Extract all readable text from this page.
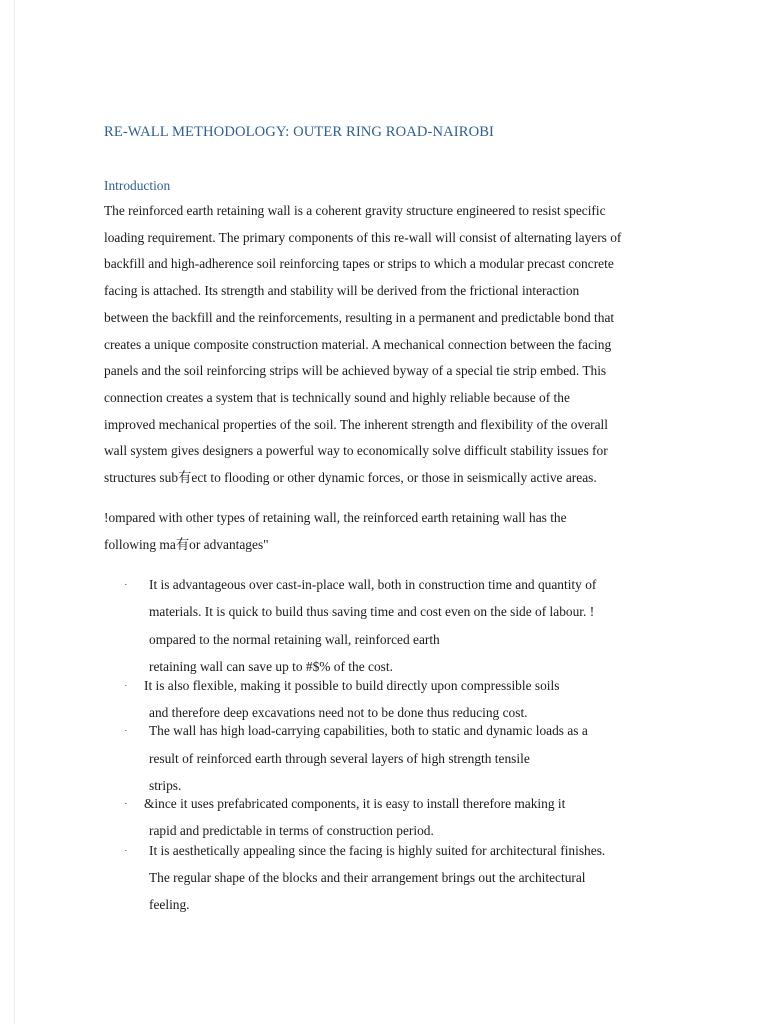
RE-WALL METHODOLOGY: OUTER RING ROAD-NAIROBI
Introduction
The reinforced earth retaining wall is a coherent gravity structure engineered to resist specific
loading requirement. The primary components of this re-wall will consist of alternating layers of
backfill and high-adherence soil reinforcing tapes or strips to which a modular precast concrete
facing is attached. Its strength and stability will be derived from the frictional interaction
between the backfill and the reinforcements, resulting in a permanent and predictable bond that
creates a unique composite construction material. A mechanical connection between the facing
panels and the soil reinforcing strips will be achieved byway of a special tie strip embed. This
connection creates a system that is technically sound and highly reliable because of the
improved mechanical properties of the soil. The inherent strength and flexibility of the overall
wall system gives designers a powerful way to economically solve difficult stability issues for
structures sub有ect to flooding or other dynamic forces, or those in seismically active areas.
!ompared with other types of retaining wall, the reinforced earth retaining wall has the
following ma有or advantages"
· It is advantageous over cast-in-place wall, both in construction time and quantity of
materials. It is quick to build thus saving time and cost even on the side of labour. !
ompared to the normal retaining wall, reinforced earth
retaining wall can save up to #$% of the cost.
· It is also flexible, making it possible to build directly upon compressible soils
and therefore deep excavations need not to be done thus reducing cost.
· The wall has high load-carrying capabilities, both to static and dynamic loads as a
result of reinforced earth through several layers of high strength tensile
strips.
· &ince it uses prefabricated components, it is easy to install therefore making it
rapid and predictable in terms of construction period.
· It is aesthetically appealing since the facing is highly suited for architectural finishes.
The regular shape of the blocks and their arrangement brings out the architectural
feeling.
